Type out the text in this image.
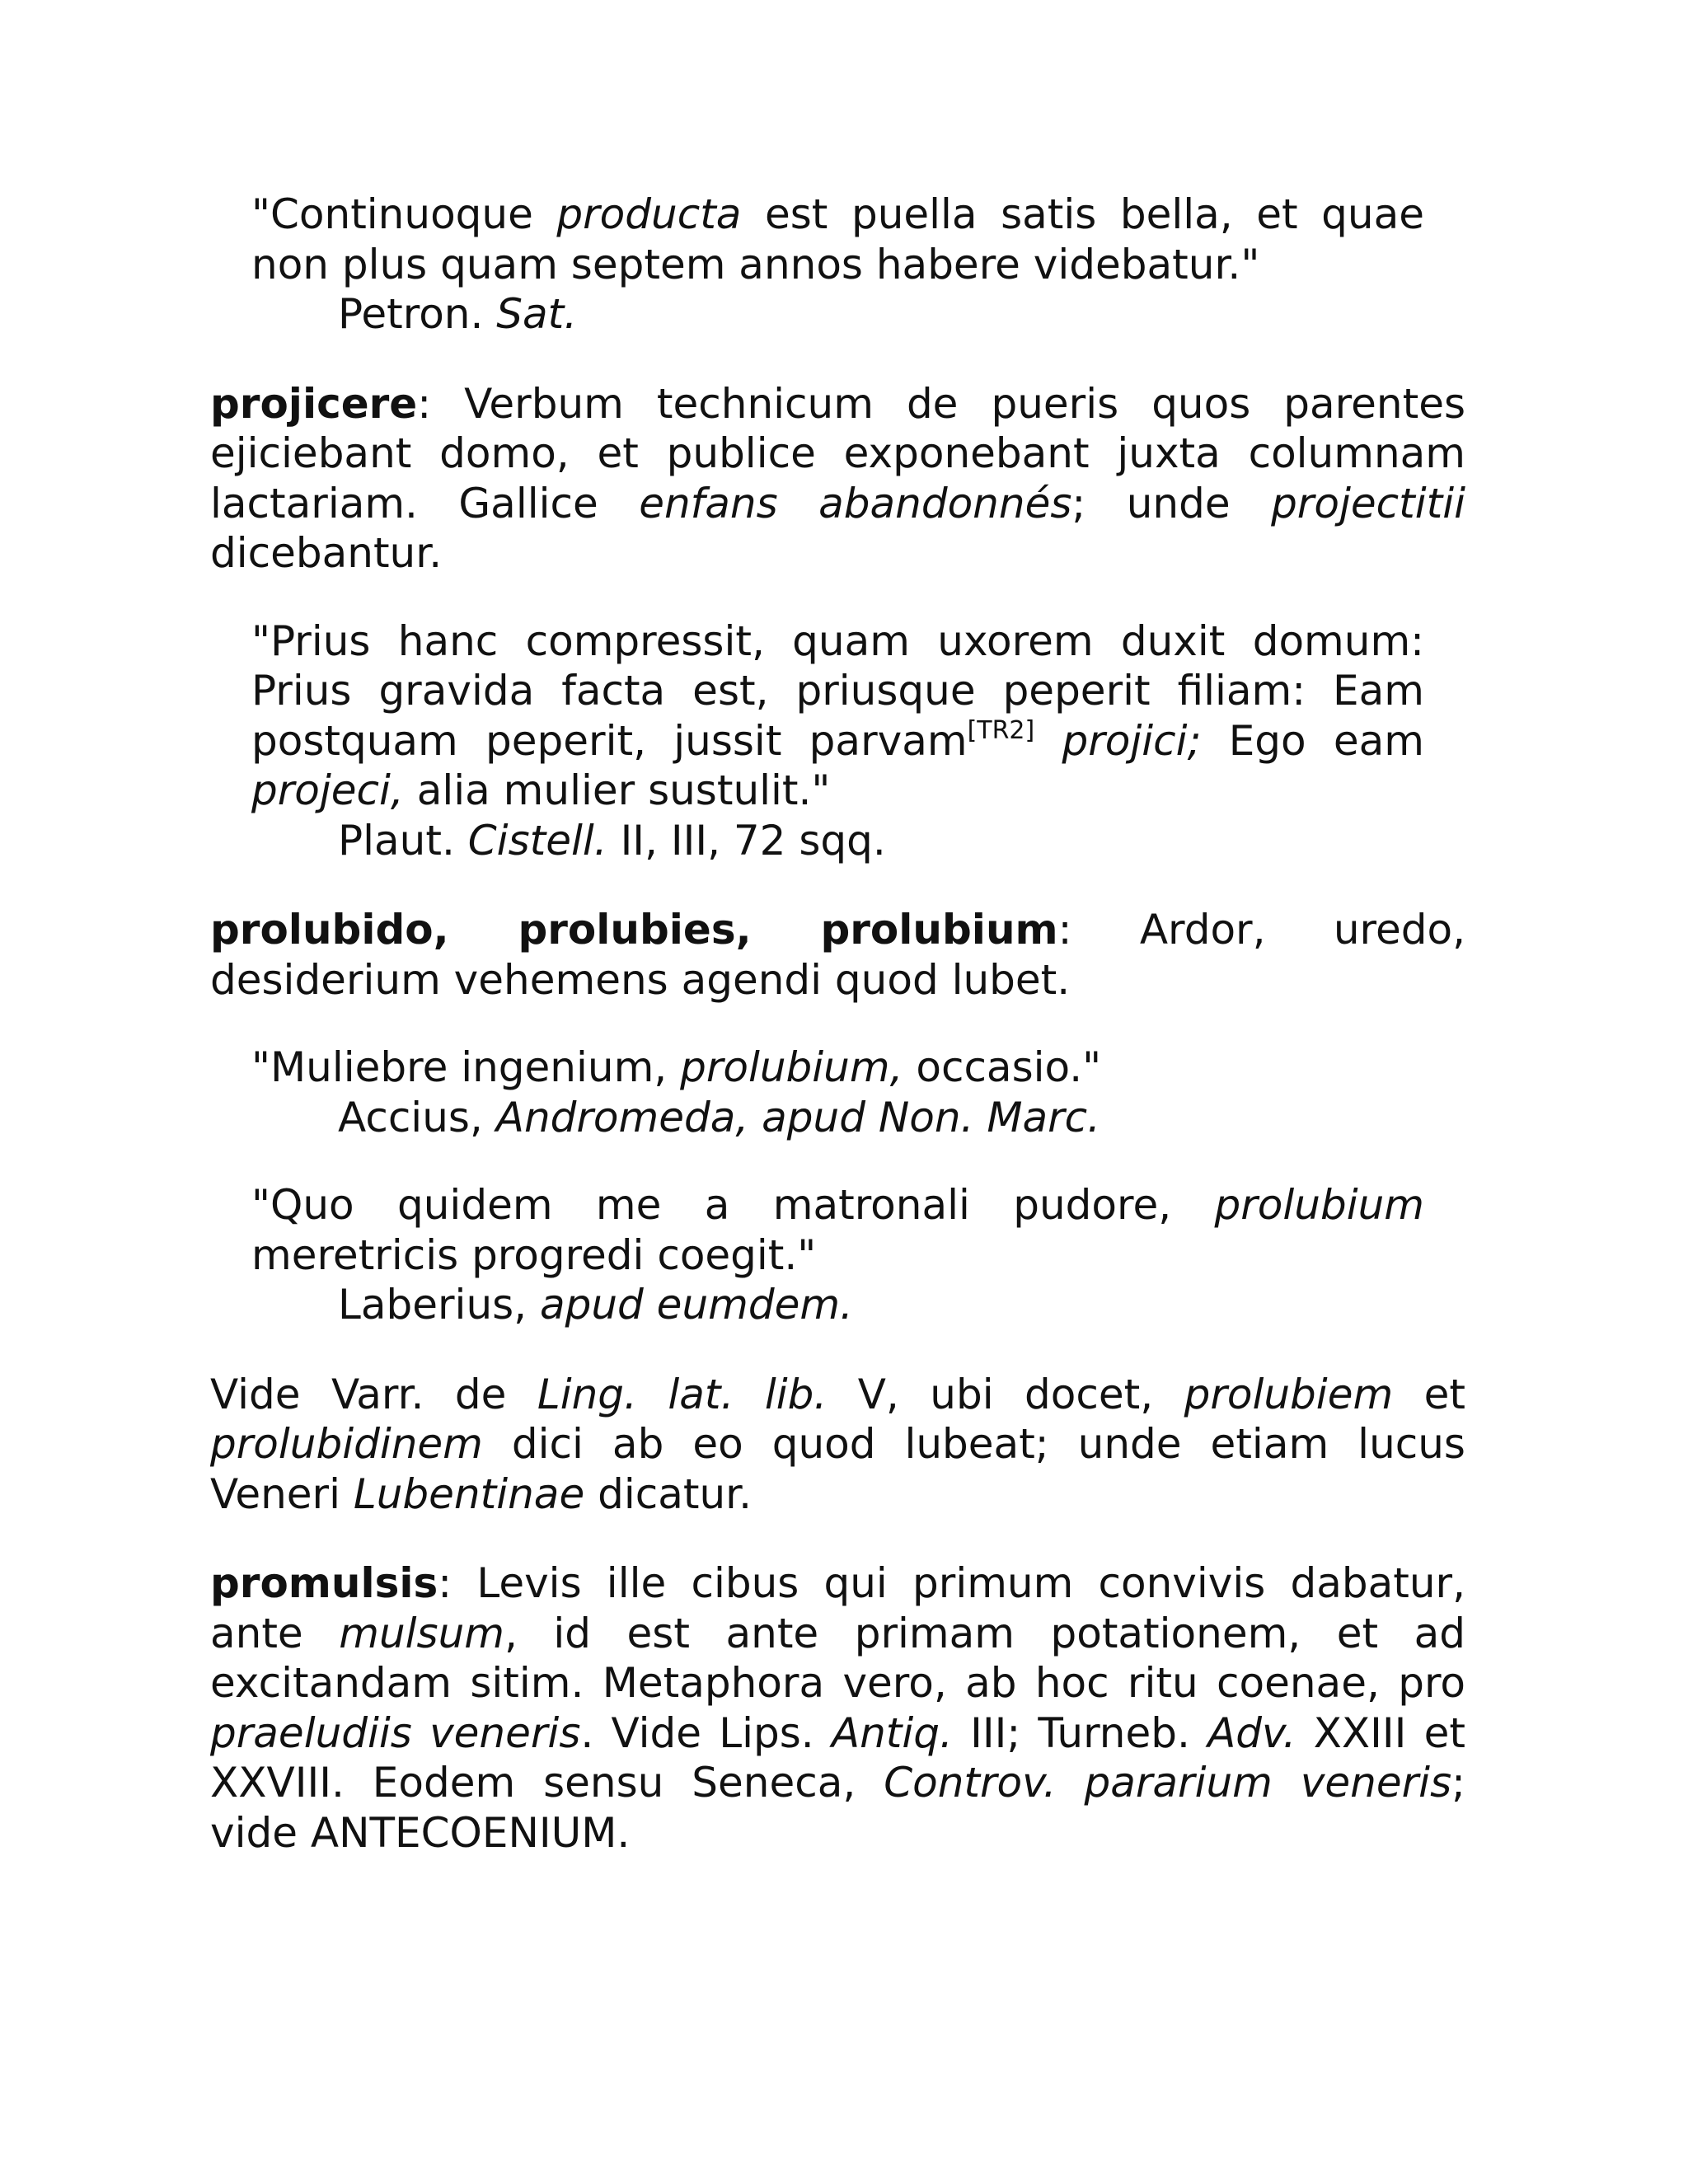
"Continuoque producta est puella satis bella, et quae non plus quam septem annos habere videbatur."
Petron. Sat.
projicere: Verbum technicum de pueris quos parentes ejiciebant domo, et publice exponebant juxta columnam lactariam. Gallice enfans abandonnés; unde projectitii dicebantur.
"Prius hanc compressit, quam uxorem duxit domum: Prius gravida facta est, priusque peperit filiam: Eam postquam peperit, jussit parvam[TR2] projici; Ego eam projeci, alia mulier sustulit."
Plaut. Cistell. II, III, 72 sqq.
prolubido, prolubies, prolubium: Ardor, uredo, desiderium vehemens agendi quod lubet.
"Muliebre ingenium, prolubium, occasio."
Accius, Andromeda, apud Non. Marc.
"Quo quidem me a matronali pudore, prolubium meretricis progredi coegit."
Laberius, apud eumdem.
Vide Varr. de Ling. lat. lib. V, ubi docet, prolubiem et prolubidinem dici ab eo quod lubeat; unde etiam lucus Veneri Lubentinae dicatur.
promulsis: Levis ille cibus qui primum convivis dabatur, ante mulsum, id est ante primam potationem, et ad excitandam sitim. Metaphora vero, ab hoc ritu coenae, pro praeludiis veneris. Vide Lips. Antiq. III; Turneb. Adv. XXIII et XXVIII. Eodem sensu Seneca, Controv. pararium veneris; vide ANTECOENIUM.
